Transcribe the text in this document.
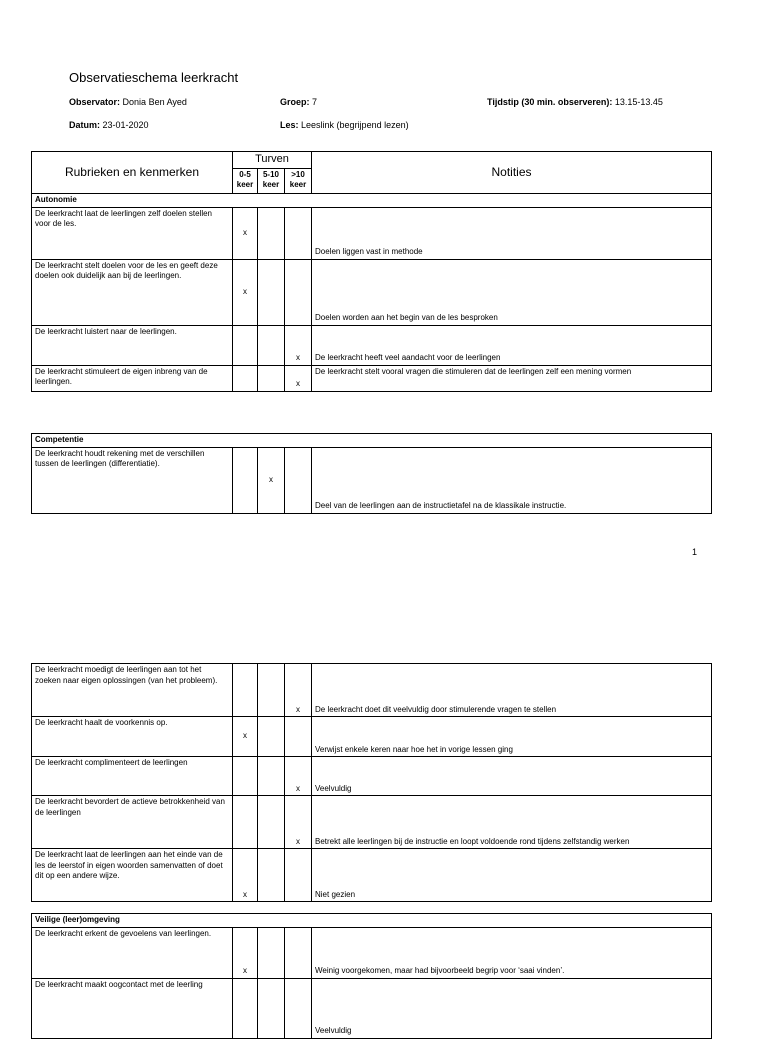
Observatieschema leerkracht
Observator: Donia Ben Ayed	Groep: 7	Tijdstip (30 min. observeren): 13.15-13.45
Datum: 23-01-2020	Les: Leeslink (begrijpend lezen)
Rubrieken en kenmerken	Turven			Notities
	0-5 keer	5-10 keer	>10 keer	
Autonomie				
De leerkracht laat de leerlingen zelf doelen stellen voor de les.	x			Doelen liggen vast in methode
De leerkracht stelt doelen voor de les en geeft deze doelen ook duidelijk aan bij de leerlingen.	x			Doelen worden aan het begin van de les besproken
De leerkracht luistert naar de leerlingen.			x	De leerkracht heeft veel aandacht voor de leerlingen
De leerkracht stimuleert de eigen inbreng van de leerlingen.			x	De leerkracht stelt vooral vragen die stimuleren dat de leerlingen zelf een mening vormen
Competentie
De leerkracht houdt rekening met de verschillen tussen de leerlingen (differentiatie).		x		Deel van de leerlingen aan de instructietafel na de klassikale instructie.
1
De leerkracht moedigt de leerlingen aan tot het zoeken naar eigen oplossingen (van het probleem).			x	De leerkracht doet dit veelvuldig door stimulerende vragen te stellen
De leerkracht haalt de voorkennis op.	x			Verwijst enkele keren naar hoe het in vorige lessen ging
De leerkracht complimenteert de leerlingen			x	Veelvuldig
De leerkracht bevordert de actieve betrokkenheid van de leerlingen			x	Betrekt alle leerlingen bij de instructie en loopt voldoende rond tijdens zelfstandig werken
De leerkracht laat de leerlingen aan het einde van de les de leerstof in eigen woorden samenvatten of doet dit op een andere wijze.	x			Niet gezien
Veilige (leer)omgeving				
De leerkracht erkent de gevoelens van leerlingen.	x			Weinig voorgekomen, maar had bijvoorbeeld begrip voor ‘saai vinden’.
De leerkracht maakt oogcontact met de leerling				Veelvuldig
